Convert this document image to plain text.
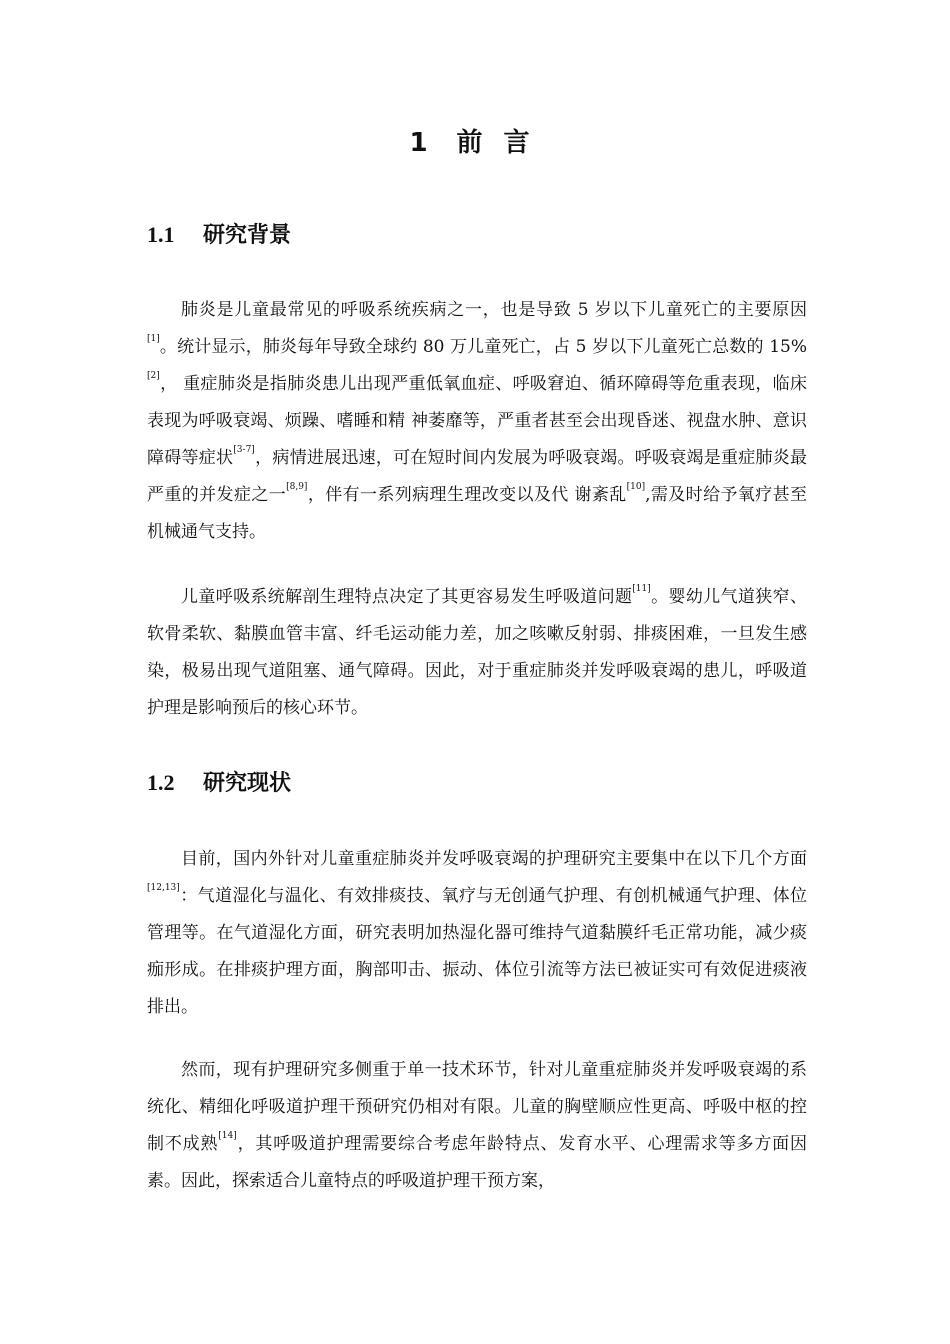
1 前 言
1.1 研究背景
肺炎是儿童最常见的呼吸系统疾病之一，也是导致 5 岁以下儿童死亡的主要原因[1]。统计显示，肺炎每年导致全球约 80 万儿童死亡，占 5 岁以下儿童死亡总数的 15%[2]， 重症肺炎是指肺炎患儿出现严重低氧血症、呼吸窘迫、循环障碍等危重表现，临床表现为呼吸衰竭、烦躁、嗜睡和精 神萎靡等，严重者甚至会出现昏迷、视盘水肿、意识障碍等症状[3-7]，病情进展迅速，可在短时间内发展为呼吸衰竭。呼吸衰竭是重症肺炎最严重的并发症之一[8,9]，伴有一系列病理生理改变以及代 谢紊乱[10],需及时给予氧疗甚至机械通气支持。
儿童呼吸系统解剖生理特点决定了其更容易发生呼吸道问题[11]。婴幼儿气道狭窄、软骨柔软、黏膜血管丰富、纤毛运动能力差，加之咳嗽反射弱、排痰困难，一旦发生感染，极易出现气道阻塞、通气障碍。因此，对于重症肺炎并发呼吸衰竭的患儿，呼吸道护理是影响预后的核心环节。
1.2 研究现状
目前，国内外针对儿童重症肺炎并发呼吸衰竭的护理研究主要集中在以下几个方面[12,13]：气道湿化与温化、有效排痰技、氧疗与无创通气护理、有创机械通气护理、体位管理等。在气道湿化方面，研究表明加热湿化器可维持气道黏膜纤毛正常功能，减少痰痂形成。在排痰护理方面，胸部叩击、振动、体位引流等方法已被证实可有效促进痰液排出。
然而，现有护理研究多侧重于单一技术环节，针对儿童重症肺炎并发呼吸衰竭的系统化、精细化呼吸道护理干预研究仍相对有限。儿童的胸壁顺应性更高、呼吸中枢的控制不成熟[14]，其呼吸道护理需要综合考虑年龄特点、发育水平、心理需求等多方面因素。因此，探索适合儿童特点的呼吸道护理干预方案，
